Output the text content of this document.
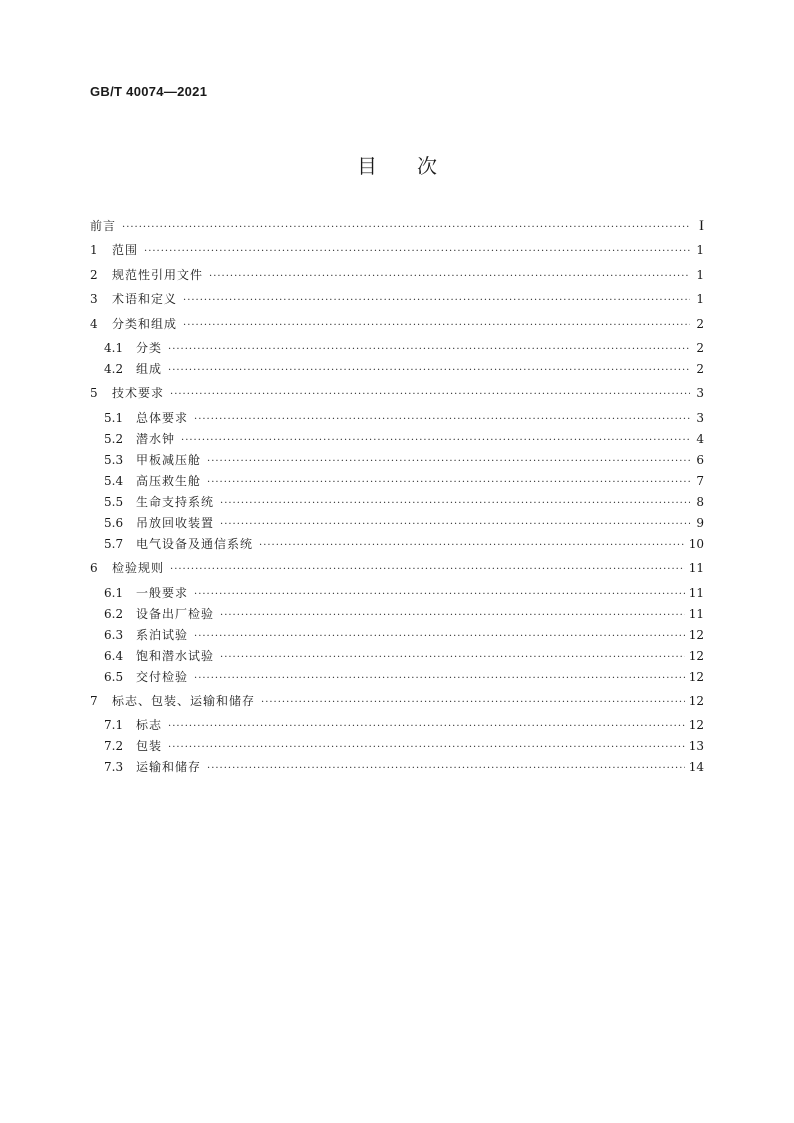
GB/T 40074—2021
目次
前言 ·····	I
1	范围 ·····	1
2	规范性引用文件 ·····	1
3	术语和定义 ·····	1
4	分类和组成 ·····	2
4.1	分类 ·····	2
4.2	组成 ·····	2
5	技术要求 ·····	3
5.1	总体要求 ·····	3
5.2	潜水钟 ·····	4
5.3	甲板减压舱 ·····	6
5.4	高压救生舱 ·····	7
5.5	生命支持系统 ·····	8
5.6	吊放回收装置 ·····	9
5.7	电气设备及通信系统 ·····	10
6	检验规则 ·····	11
6.1	一般要求 ·····	11
6.2	设备出厂检验 ·····	11
6.3	系泊试验 ·····	12
6.4	饱和潜水试验 ·····	12
6.5	交付检验 ·····	12
7	标志、包装、运输和储存 ·····	12
7.1	标志 ·····	12
7.2	包装 ·····	13
7.3	运输和储存 ·····	14
